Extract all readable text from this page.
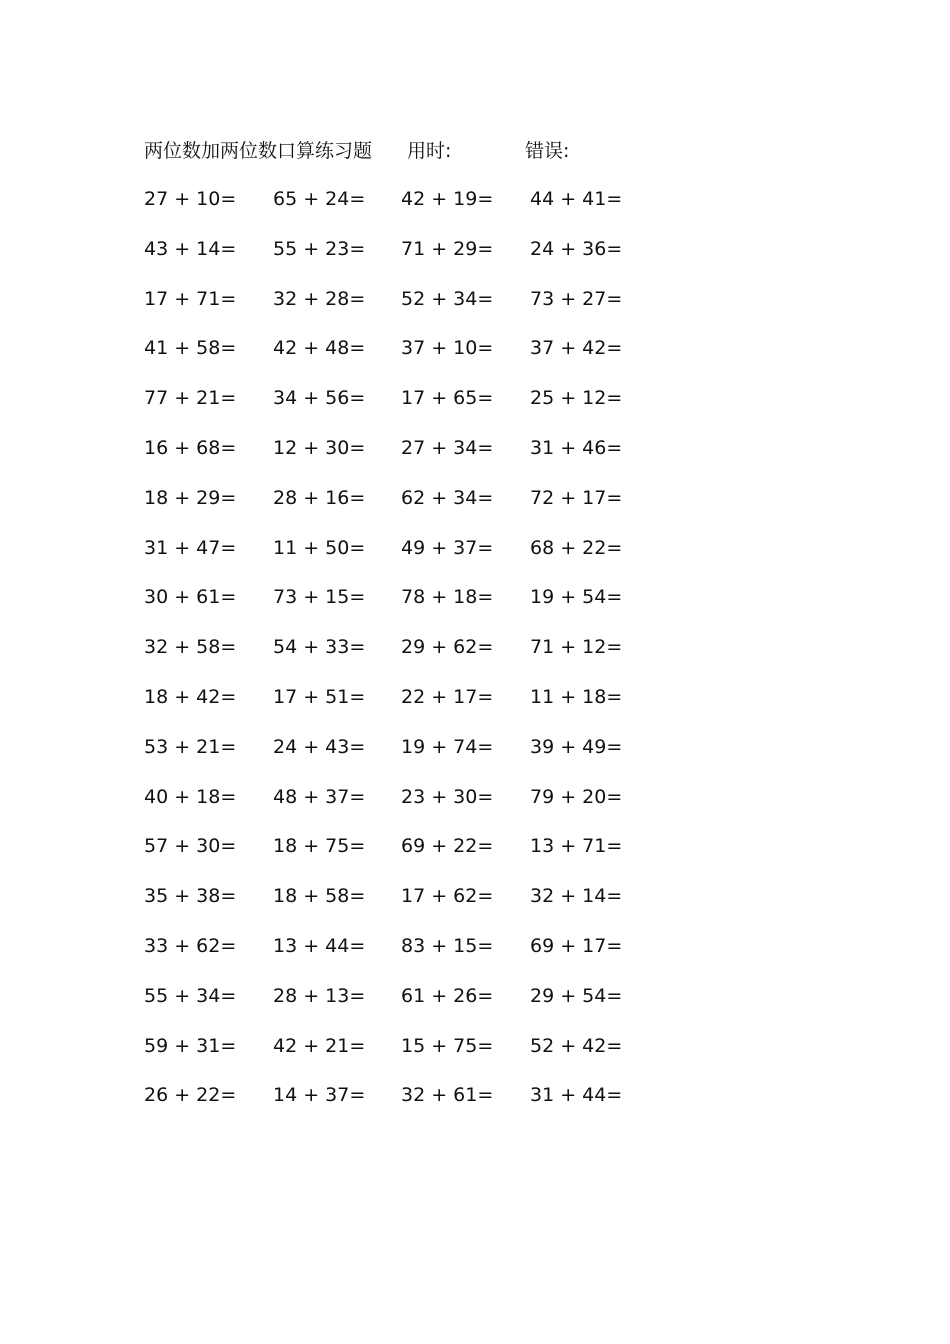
两位数加两位数口算练习题 用时:	错误:
27 + 10= 65 + 24= 42 + 19= 44 + 41=
43 + 14= 55 + 23= 71 + 29= 24 + 36=
17 + 71= 32 + 28= 52 + 34= 73 + 27=
41 + 58= 42 + 48= 37 + 10= 37 + 42=
77 + 21= 34 + 56= 17 + 65= 25 + 12=
16 + 68= 12 + 30= 27 + 34= 31 + 46=
18 + 29= 28 + 16= 62 + 34= 72 + 17=
31 + 47= 11 + 50= 49 + 37= 68 + 22=
30 + 61= 73 + 15= 78 + 18= 19 + 54=
32 + 58= 54 + 33= 29 + 62= 71 + 12=
18 + 42= 17 + 51= 22 + 17= 11 + 18=
53 + 21= 24 + 43= 19 + 74= 39 + 49=
40 + 18= 48 + 37= 23 + 30= 79 + 20=
57 + 30= 18 + 75= 69 + 22= 13 + 71=
35 + 38= 18 + 58= 17 + 62= 32 + 14=
33 + 62= 13 + 44= 83 + 15= 69 + 17=
55 + 34= 28 + 13= 61 + 26= 29 + 54=
59 + 31= 42 + 21= 15 + 75= 52 + 42=
26 + 22= 14 + 37= 32 + 61= 31 + 44=
